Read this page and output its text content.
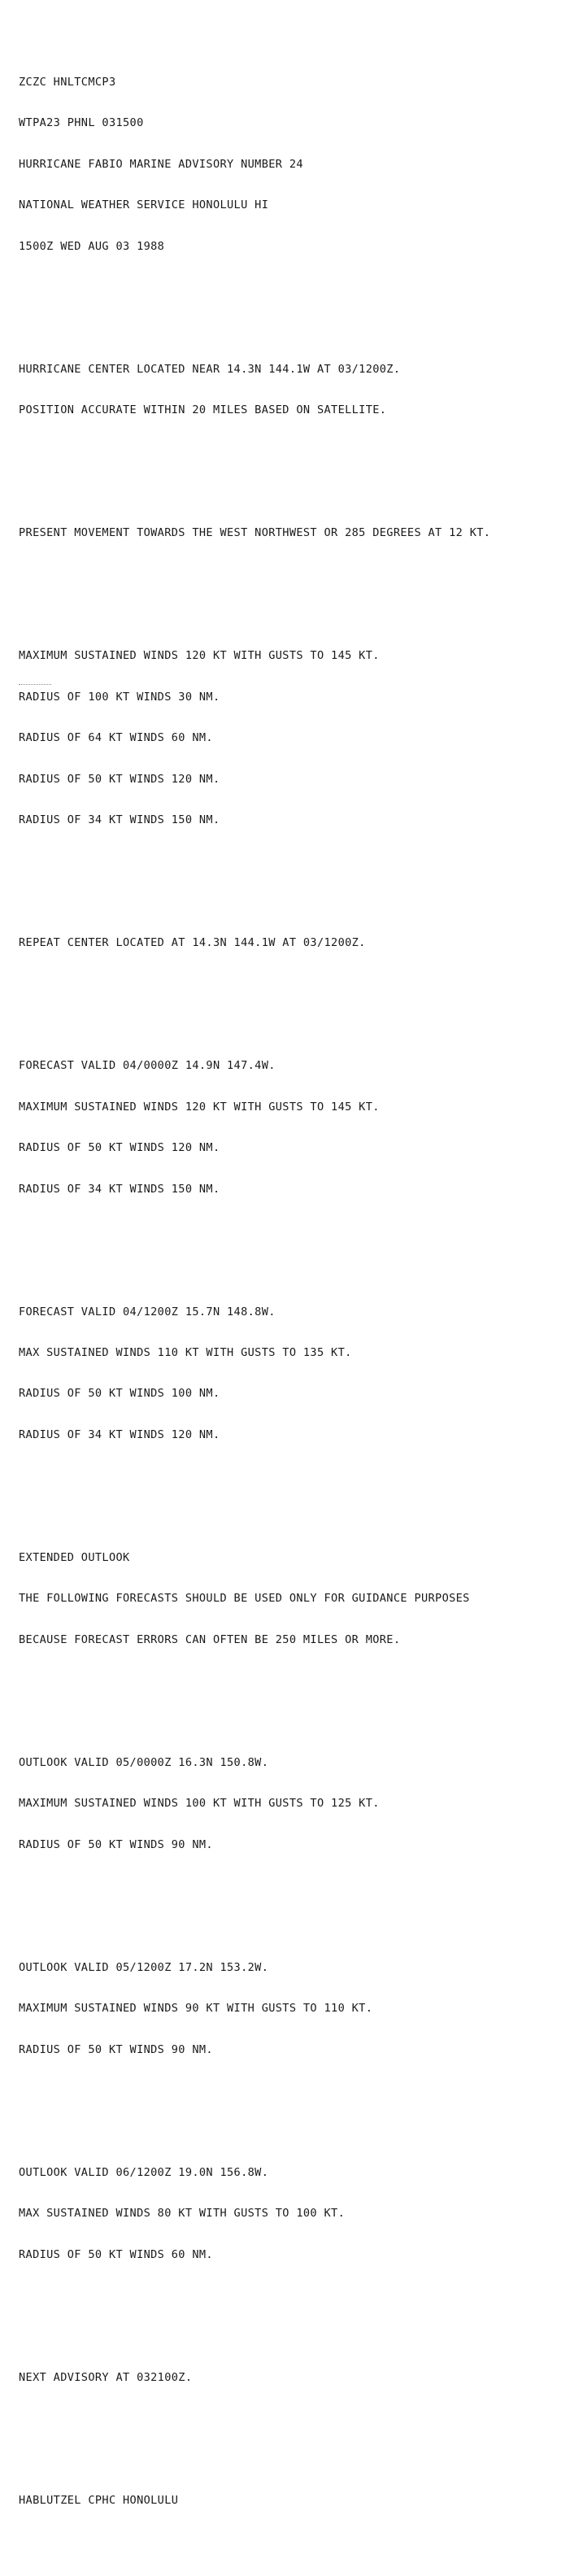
ZCZC HNLTCMCP3

WTPA23 PHNL 031500

HURRICANE FABIO MARINE ADVISORY NUMBER 24

NATIONAL WEATHER SERVICE HONOLULU HI

1500Z WED AUG 03 1988

HURRICANE CENTER LOCATED NEAR 14.3N 144.1W AT 03/1200Z.

POSITION ACCURATE WITHIN 20 MILES BASED ON SATELLITE.

PRESENT MOVEMENT TOWARDS THE WEST NORTHWEST OR 285 DEGREES AT 12 KT.

MAXIMUM SUSTAINED WINDS 120 KT WITH GUSTS TO 145 KT.

RADIUS OF 100 KT WINDS 30 NM.

RADIUS OF 64 KT WINDS 60 NM.

RADIUS OF 50 KT WINDS 120 NM.

RADIUS OF 34 KT WINDS 150 NM.

REPEAT CENTER LOCATED AT 14.3N 144.1W AT 03/1200Z.

FORECAST VALID 04/0000Z 14.9N 147.4W.

MAXIMUM SUSTAINED WINDS 120 KT WITH GUSTS TO 145 KT.

RADIUS OF 50 KT WINDS 120 NM.

RADIUS OF 34 KT WINDS 150 NM.

FORECAST VALID 04/1200Z 15.7N 148.8W.

MAX SUSTAINED WINDS 110 KT WITH GUSTS TO 135 KT.

RADIUS OF 50 KT WINDS 100 NM.

RADIUS OF 34 KT WINDS 120 NM.

EXTENDED OUTLOOK

THE FOLLOWING FORECASTS SHOULD BE USED ONLY FOR GUIDANCE PURPOSES

BECAUSE FORECAST ERRORS CAN OFTEN BE 250 MILES OR MORE.

OUTLOOK VALID 05/0000Z 16.3N 150.8W.

MAXIMUM SUSTAINED WINDS 100 KT WITH GUSTS TO 125 KT.

RADIUS OF 50 KT WINDS 90 NM.

OUTLOOK VALID 05/1200Z 17.2N 153.2W.

MAXIMUM SUSTAINED WINDS 90 KT WITH GUSTS TO 110 KT.

RADIUS OF 50 KT WINDS 90 NM.

OUTLOOK VALID 06/1200Z 19.0N 156.8W.

MAX SUSTAINED WINDS 80 KT WITH GUSTS TO 100 KT.

RADIUS OF 50 KT WINDS 60 NM.

NEXT ADVISORY AT 032100Z.

HABLUTZEL CPHC HONOLULU
